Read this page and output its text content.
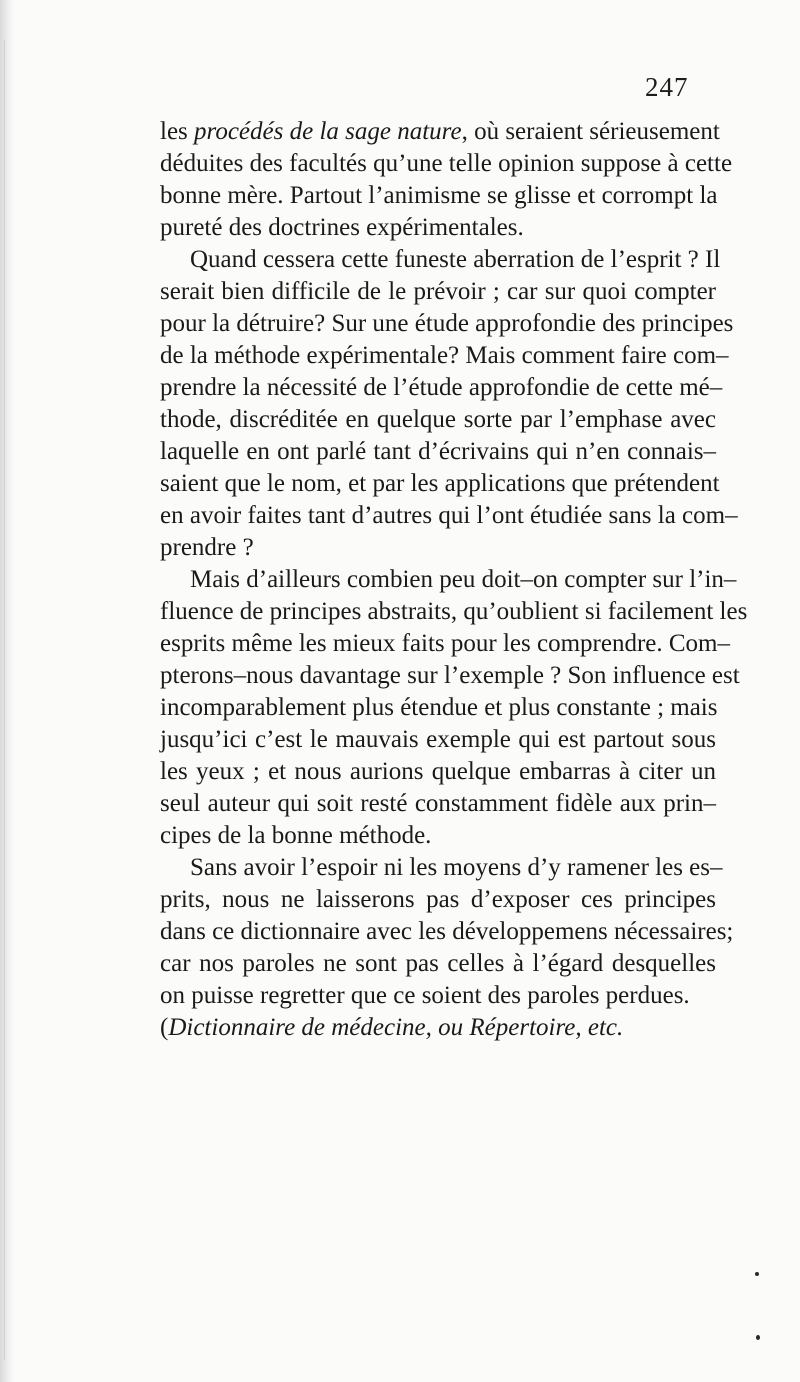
247
les procédés de la sage nature, où seraient sérieusement
déduites des facultés qu’une telle opinion suppose à cette
bonne mère. Partout l’animisme se glisse et corrompt la
pureté des doctrines expérimentales.
Quand cessera cette funeste aberration de l’esprit ? Il
serait bien difficile de le prévoir ; car sur quoi compter
pour la détruire? Sur une étude approfondie des principes
de la méthode expérimentale? Mais comment faire com–
prendre la nécessité de l’étude approfondie de cette mé–
thode, discréditée en quelque sorte par l’emphase avec
laquelle en ont parlé tant d’écrivains qui n’en connais–
saient que le nom, et par les applications que prétendent
en avoir faites tant d’autres qui l’ont étudiée sans la com–
prendre ?
Mais d’ailleurs combien peu doit–on compter sur l’in–
fluence de principes abstraits, qu’oublient si facilement les
esprits même les mieux faits pour les comprendre. Com–
pterons–nous davantage sur l’exemple ? Son influence est
incomparablement plus étendue et plus constante ; mais
jusqu’ici c’est le mauvais exemple qui est partout sous
les yeux ; et nous aurions quelque embarras à citer un
seul auteur qui soit resté constamment fidèle aux prin–
cipes de la bonne méthode.
Sans avoir l’espoir ni les moyens d’y ramener les es–
prits, nous ne laisserons pas d’exposer ces principes
dans ce dictionnaire avec les développemens nécessaires;
car nos paroles ne sont pas celles à l’égard desquelles
on puisse regretter que ce soient des paroles perdues.
(Dictionnaire de médecine, ou Répertoire, etc.
